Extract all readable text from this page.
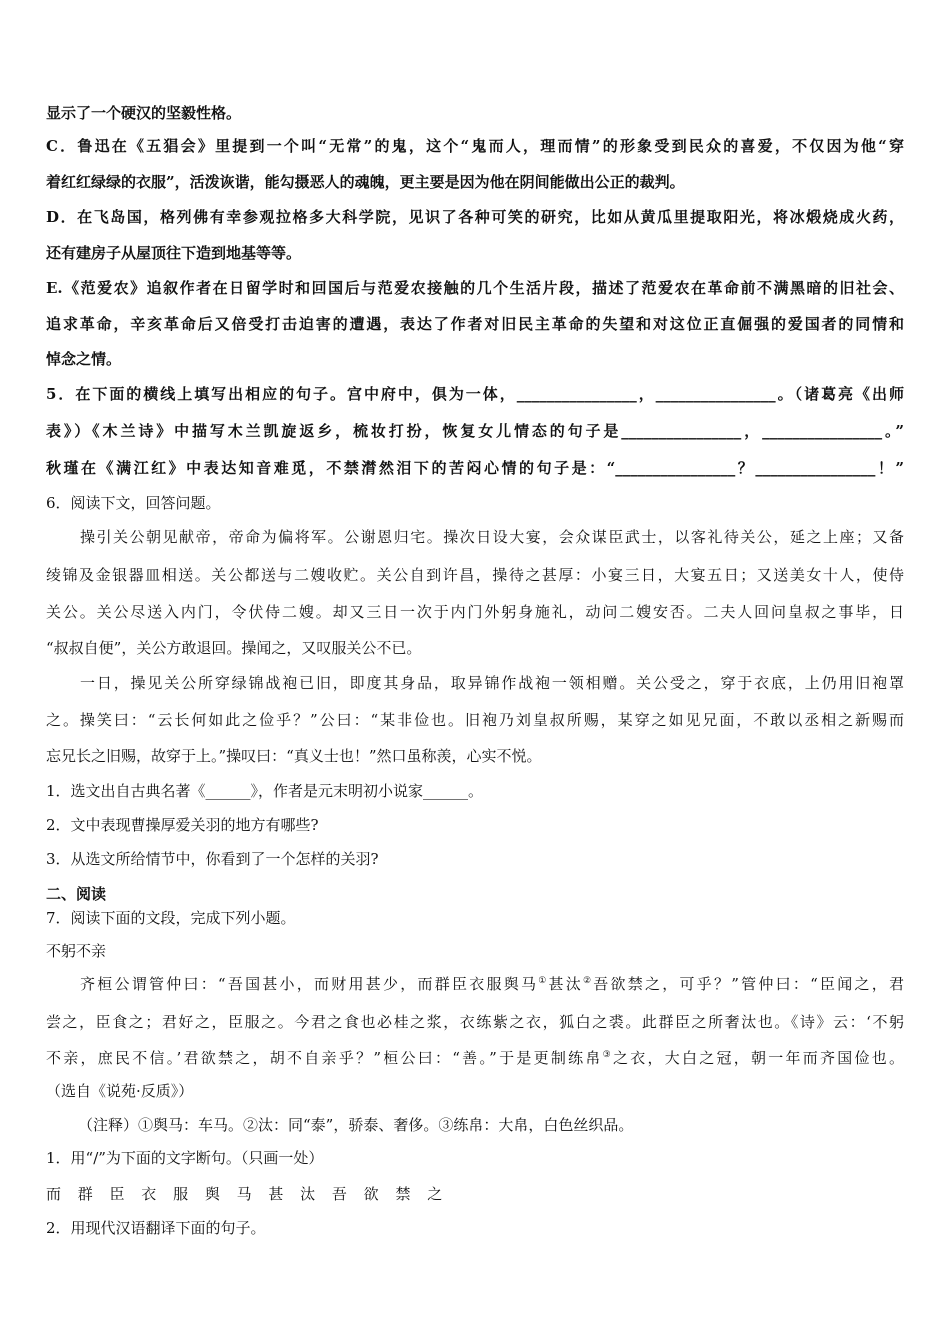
显示了一个硬汉的坚毅性格。
C．鲁迅在《五猖会》里提到一个叫“无常”的鬼，这个“鬼而人，理而情”的形象受到民众的喜爱，不仅因为他“穿
着红红绿绿的衣服”，活泼诙谐，能勾摄恶人的魂魄，更主要是因为他在阴间能做出公正的裁判。
D．在飞岛国，格列佛有幸参观拉格多大科学院，见识了各种可笑的研究，比如从黄瓜里提取阳光，将冰煅烧成火药，
还有建房子从屋顶往下造到地基等等。
E.《范爱农》追叙作者在日留学时和回国后与范爱农接触的几个生活片段，描述了范爱农在革命前不满黑暗的旧社会、
追求革命，辛亥革命后又倍受打击迫害的遭遇，表达了作者对旧民主革命的失望和对这位正直倔强的爱国者的同情和
悼念之情。
5．在下面的横线上填写出相应的句子。宫中府中，俱为一体，________________，________________。（诸葛亮《出师
表》）《木兰诗》中描写木兰凯旋返乡，梳妆打扮，恢复女儿情态的句子是________________，________________。”
秋瑾在《满江红》中表达知音难觅，不禁潸然泪下的苦闷心情的句子是：“________________？________________！”
6．阅读下文，回答问题。
操引关公朝见献帝，帝命为偏将军。公谢恩归宅。操次日设大宴，会众谋臣武士，以客礼待关公，延之上座；又备
绫锦及金银器皿相送。关公都送与二嫂收贮。关公自到许昌，操待之甚厚：小宴三日，大宴五日；又送美女十人，使侍
关公。关公尽送入内门，令伏侍二嫂。却又三日一次于内门外躬身施礼，动问二嫂安否。二夫人回问皇叔之事毕，日
“叔叔自便”，关公方敢退回。操闻之，又叹服关公不已。
一日，操见关公所穿绿锦战袍已旧，即度其身品，取异锦作战袍一领相赠。关公受之，穿于衣底，上仍用旧袍罩
之。操笑曰：“云长何如此之俭乎？”公曰：“某非俭也。旧袍乃刘皇叔所赐，某穿之如见兄面，不敢以丞相之新赐而
忘兄长之旧赐，故穿于上。”操叹曰：“真义士也！”然口虽称羡，心实不悦。
1．选文出自古典名著《______》，作者是元末明初小说家______。
2．文中表现曹操厚爱关羽的地方有哪些?
3．从选文所给情节中，你看到了一个怎样的关羽?
二、阅读
7．阅读下面的文段，完成下列小题。
不躬不亲
齐桓公谓管仲曰：“吾国甚小，而财用甚少，而群臣衣服舆马①甚汰②吾欲禁之，可乎？”管仲曰：“臣闻之，君
尝之，臣食之；君好之，臣服之。今君之食也必桂之浆，衣练紫之衣，狐白之裘。此群臣之所奢汰也。《诗》云：‘不躬
不亲，庶民不信。’君欲禁之，胡不自亲乎？”桓公曰：“善。”于是更制练帛③之衣，大白之冠，朝一年而齐国俭也。
（选自《说苑·反质》）
（注释）①舆马：车马。②汰：同“泰”，骄泰、奢侈。③练帛：大帛，白色丝织品。
1．用“/”为下面的文字断句。（只画一处）
而 群 臣 衣 服 舆 马 甚 汰 吾 欲 禁 之
2．用现代汉语翻译下面的句子。
